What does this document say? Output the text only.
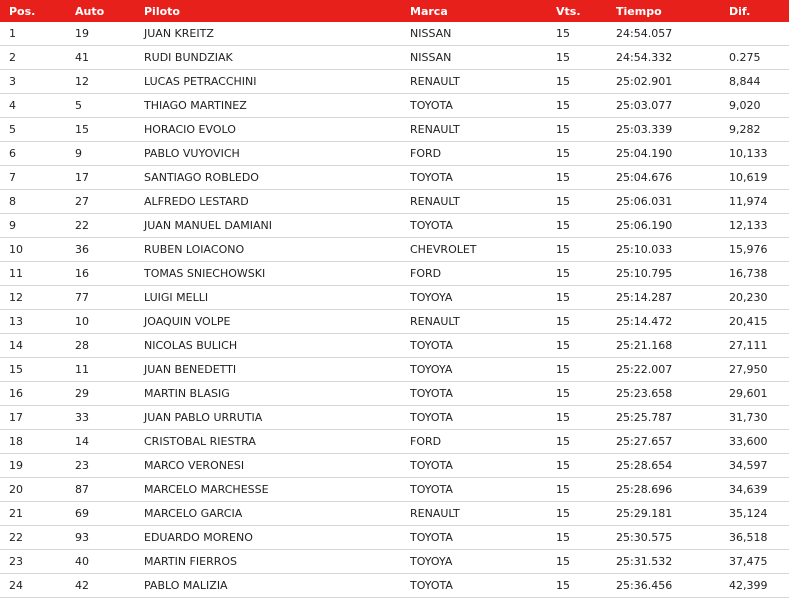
Pos.	Auto	Piloto	Marca	Vts.	Tiempo	Dif.
1	19	JUAN KREITZ	NISSAN	15	24:54.057	
2	41	RUDI BUNDZIAK	NISSAN	15	24:54.332	0.275
3	12	LUCAS PETRACCHINI	RENAULT	15	25:02.901	8,844
4	5	THIAGO MARTINEZ	TOYOTA	15	25:03.077	9,020
5	15	HORACIO EVOLO	RENAULT	15	25:03.339	9,282
6	9	PABLO VUYOVICH	FORD	15	25:04.190	10,133
7	17	SANTIAGO ROBLEDO	TOYOTA	15	25:04.676	10,619
8	27	ALFREDO LESTARD	RENAULT	15	25:06.031	11,974
9	22	JUAN MANUEL DAMIANI	TOYOTA	15	25:06.190	12,133
10	36	RUBEN LOIACONO	CHEVROLET	15	25:10.033	15,976
11	16	TOMAS SNIECHOWSKI	FORD	15	25:10.795	16,738
12	77	LUIGI MELLI	TOYOYA	15	25:14.287	20,230
13	10	JOAQUIN VOLPE	RENAULT	15	25:14.472	20,415
14	28	NICOLAS BULICH	TOYOTA	15	25:21.168	27,111
15	11	JUAN BENEDETTI	TOYOYA	15	25:22.007	27,950
16	29	MARTIN BLASIG	TOYOTA	15	25:23.658	29,601
17	33	JUAN PABLO URRUTIA	TOYOTA	15	25:25.787	31,730
18	14	CRISTOBAL RIESTRA	FORD	15	25:27.657	33,600
19	23	MARCO VERONESI	TOYOTA	15	25:28.654	34,597
20	87	MARCELO MARCHESSE	TOYOTA	15	25:28.696	34,639
21	69	MARCELO GARCIA	RENAULT	15	25:29.181	35,124
22	93	EDUARDO MORENO	TOYOTA	15	25:30.575	36,518
23	40	MARTIN FIERROS	TOYOYA	15	25:31.532	37,475
24	42	PABLO MALIZIA	TOYOTA	15	25:36.456	42,399
